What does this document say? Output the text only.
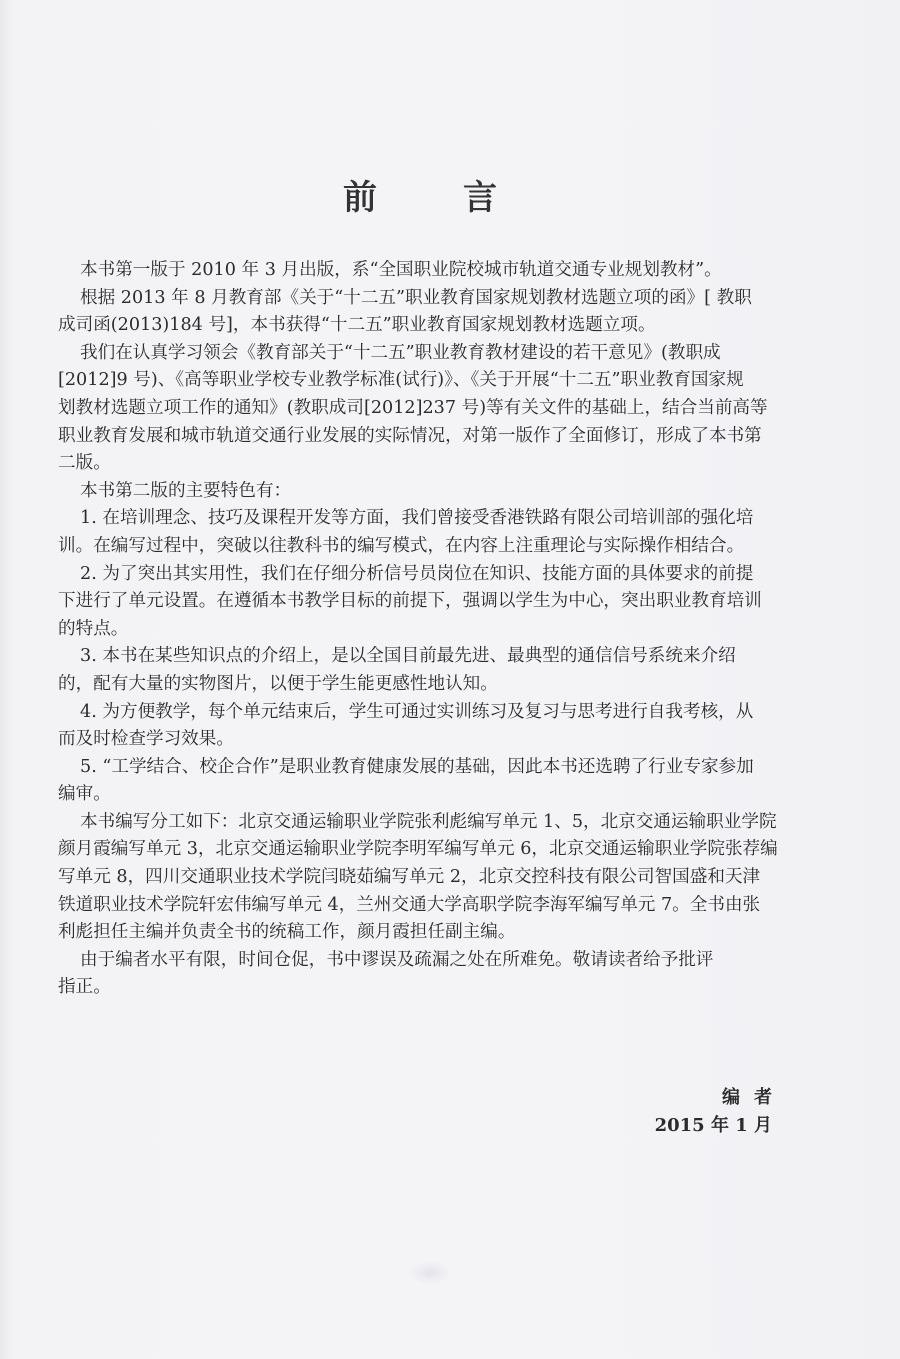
前	言
本书第一版于 2010 年 3 月出版，系“全国职业院校城市轨道交通专业规划教材”。
根据 2013 年 8 月教育部《关于“十二五”职业教育国家规划教材选题立项的函》[ 教职
成司函(2013)184 号]，本书获得“十二五”职业教育国家规划教材选题立项。
我们在认真学习领会《教育部关于“十二五”职业教育教材建设的若干意见》(教职成
[2012]9 号)、《高等职业学校专业教学标准(试行)》、《关于开展“十二五”职业教育国家规
划教材选题立项工作的通知》(教职成司[2012]237 号)等有关文件的基础上，结合当前高等
职业教育发展和城市轨道交通行业发展的实际情况，对第一版作了全面修订，形成了本书第
二版。
本书第二版的主要特色有：
1. 在培训理念、技巧及课程开发等方面，我们曾接受香港铁路有限公司培训部的强化培
训。在编写过程中，突破以往教科书的编写模式，在内容上注重理论与实际操作相结合。
2. 为了突出其实用性，我们在仔细分析信号员岗位在知识、技能方面的具体要求的前提
下进行了单元设置。在遵循本书教学目标的前提下，强调以学生为中心，突出职业教育培训
的特点。
3. 本书在某些知识点的介绍上，是以全国目前最先进、最典型的通信信号系统来介绍
的，配有大量的实物图片，以便于学生能更感性地认知。
4. 为方便教学，每个单元结束后，学生可通过实训练习及复习与思考进行自我考核，从
而及时检查学习效果。
5. “工学结合、校企合作”是职业教育健康发展的基础，因此本书还选聘了行业专家参加
编审。
本书编写分工如下：北京交通运输职业学院张利彪编写单元 1、5，北京交通运输职业学院
颜月霞编写单元 3，北京交通运输职业学院李明军编写单元 6，北京交通运输职业学院张荐编
写单元 8，四川交通职业技术学院闫晓茹编写单元 2，北京交控科技有限公司智国盛和天津
铁道职业技术学院轩宏伟编写单元 4，兰州交通大学高职学院李海军编写单元 7。全书由张
利彪担任主编并负责全书的统稿工作，颜月霞担任副主编。
由于编者水平有限，时间仓促，书中谬误及疏漏之处在所难免。敬请读者给予批评
指正。
编者
2015 年 1 月
